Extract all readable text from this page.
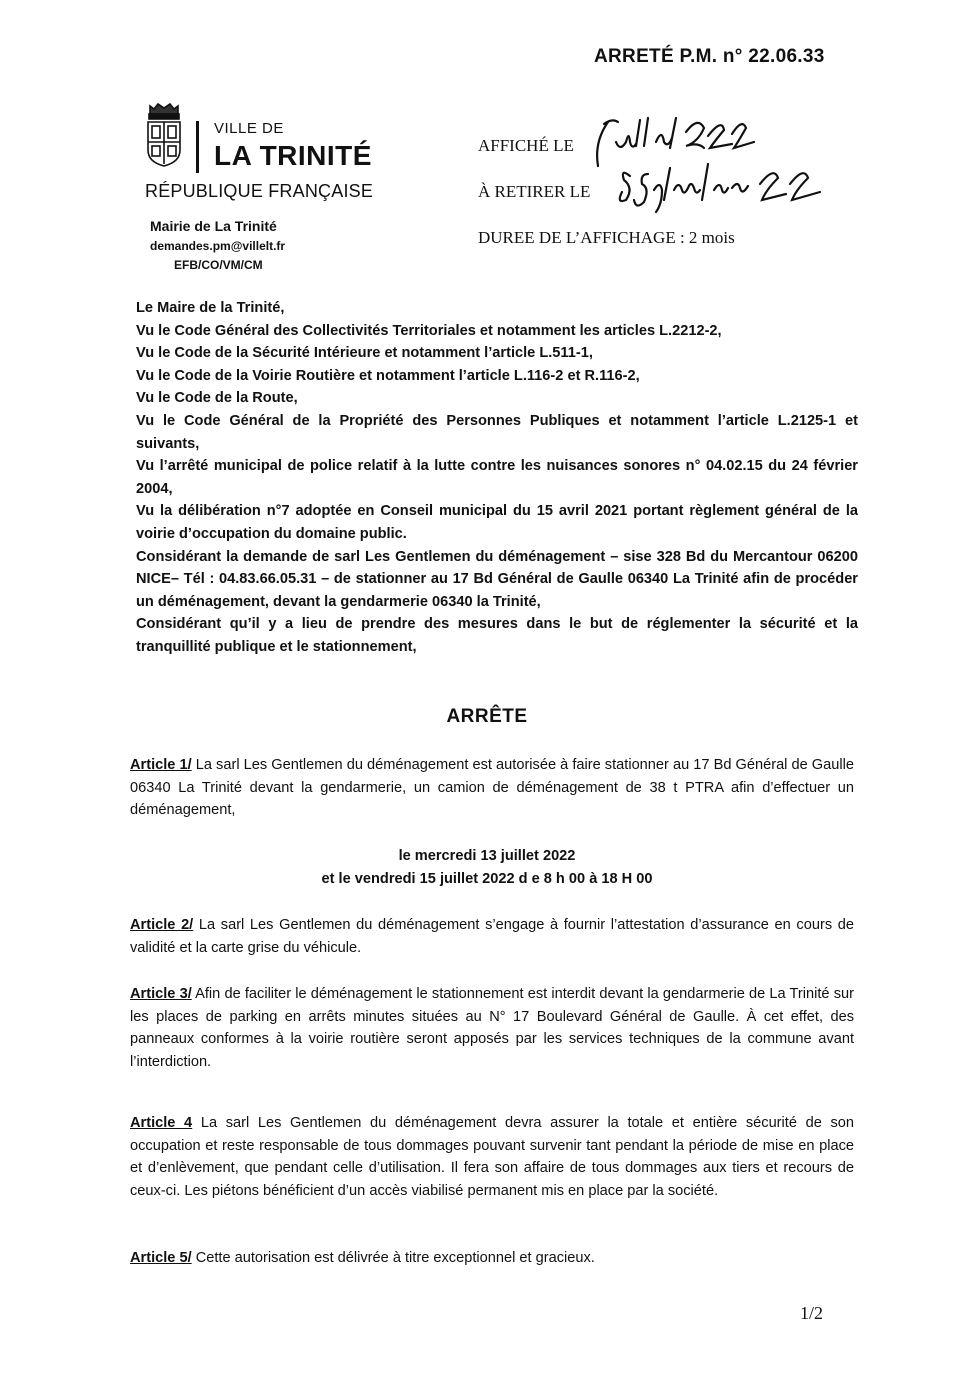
ARRETÉ P.M. n° 22.06.33
VILLE DE
LA TRINITÉ
RÉPUBLIQUE FRANÇAISE
Mairie de La Trinité
demandes.pm@villelt.fr
EFB/CO/VM/CM
AFFICHÉ LE
À RETIRER LE
DUREE DE L’AFFICHAGE : 2 mois

Le Maire de la Trinité,

Vu le Code Général des Collectivités Territoriales et notamment les articles L.2212-2,

Vu le Code de la Sécurité Intérieure et notamment l’article L.511-1,

Vu le Code de la Voirie Routière et notamment l’article L.116-2 et R.116-2,

Vu le Code de la Route,

Vu le Code Général de la Propriété des Personnes Publiques et notamment l’article L.2125-1 et suivants,

Vu l’arrêté municipal de police relatif à la lutte contre les nuisances sonores n° 04.02.15 du 24 février 2004,

Vu la délibération n°7 adoptée en Conseil municipal du 15 avril 2021 portant règlement général de la voirie d’occupation du domaine public.

Considérant la demande de sarl Les Gentlemen du déménagement – sise 328 Bd du Mercantour 06200 NICE– Tél : 04.83.66.05.31 – de stationner au 17 Bd Général de Gaulle 06340 La Trinité afin de procéder un déménagement, devant la gendarmerie 06340 la Trinité,

Considérant qu’il y a lieu de prendre des mesures dans le but de réglementer la sécurité et la tranquillité publique et le stationnement,

ARRÊTE
Article 1/ La sarl Les Gentlemen du déménagement est autorisée à faire stationner au 17 Bd Général de Gaulle 06340 La Trinité devant la gendarmerie, un camion de déménagement de 38 t PTRA afin d’effectuer un déménagement,
le mercredi 13 juillet 2022
et le vendredi 15 juillet 2022 d e 8 h 00 à 18 H 00
Article 2/ La sarl Les Gentlemen du déménagement s’engage à fournir l’attestation d’assurance en cours de validité et la carte grise du véhicule.
Article 3/ Afin de faciliter le déménagement le stationnement est interdit devant la gendarmerie de La Trinité sur les places de parking en arrêts minutes situées au N° 17 Boulevard Général de Gaulle. À cet effet, des panneaux conformes à la voirie routière seront apposés par les services techniques de la commune avant l’interdiction.
Article 4 La sarl Les Gentlemen du déménagement devra assurer la totale et entière sécurité de son occupation et reste responsable de tous dommages pouvant survenir tant pendant la période de mise en place et d’enlèvement, que pendant celle d’utilisation. Il fera son affaire de tous dommages aux tiers et recours de ceux-ci. Les piétons bénéficient d’un accès viabilisé permanent mis en place par la société.
Article 5/ Cette autorisation est délivrée à titre exceptionnel et gracieux.
1/2
